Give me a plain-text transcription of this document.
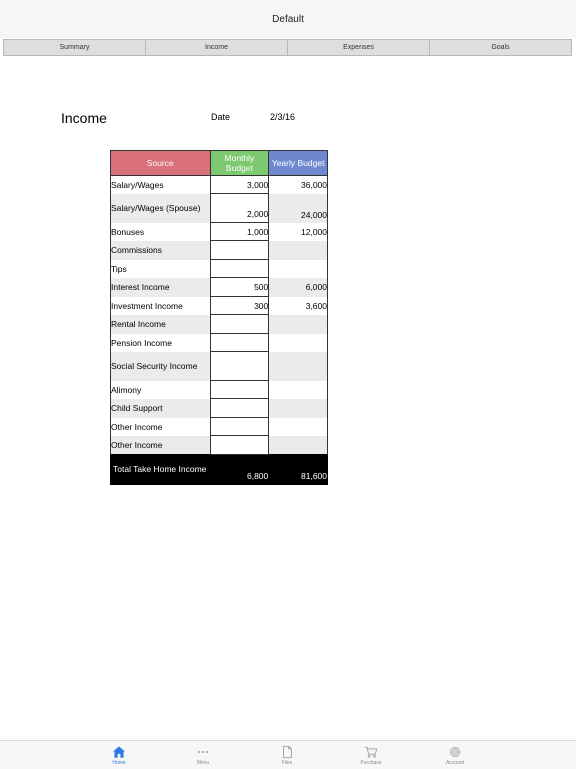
Default
Summary	Income	Expenses	Goals
Income	Date	2/3/16
Source	Monthly Budget	Yearly Budget
Salary/Wages	3,000	36,000
Salary/Wages (Spouse)	2,000	24,000
Bonuses	1,000	12,000
Commissions		
Tips		
Interest Income	500	6,000
Investment Income	300	3,600
Rental Income		
Pension Income		
Social Security Income		
Alimony		
Child Support		
Other Income		
Other Income		
Total Take Home Income	6,800	81,600
Home	Menu	Files	Purchase	Account
